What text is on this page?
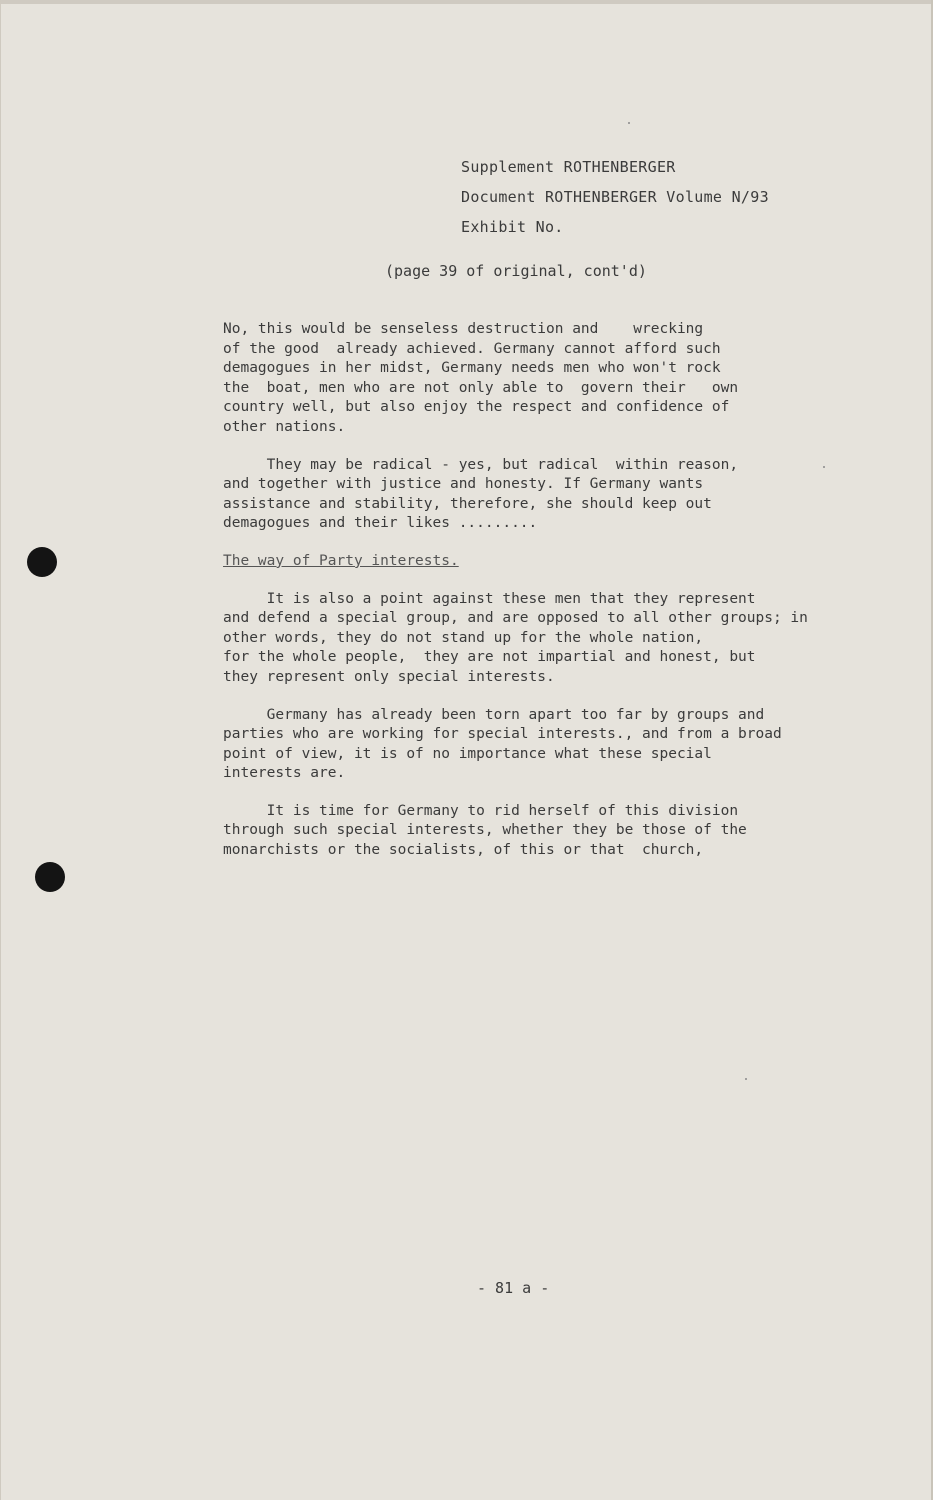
Supplement ROTHENBERGER
Document ROTHENBERGER Volume N/93
Exhibit No.
(page 39 of original, cont'd)
No, this would be senseless destruction and    wrecking
of the good  already achieved. Germany cannot afford such
demagogues in her midst, Germany needs men who won't rock
the  boat, men who are not only able to  govern their   own
country well, but also enjoy the respect and confidence of
other nations.
They may be radical - yes, but radical  within reason,
and together with justice and honesty. If Germany wants
assistance and stability, therefore, she should keep out
demagogues and their likes .........
The way of Party interests.
It is also a point against these men that they represent
and defend a special group, and are opposed to all other groups; in
other words, they do not stand up for the whole nation,
for the whole people,  they are not impartial and honest, but
they represent only special interests.
Germany has already been torn apart too far by groups and
parties who are working for special interests., and from a broad
point of view, it is of no importance what these special
interests are.
It is time for Germany to rid herself of this division
through such special interests, whether they be those of the
monarchists or the socialists, of this or that  church,
- 81 a -
